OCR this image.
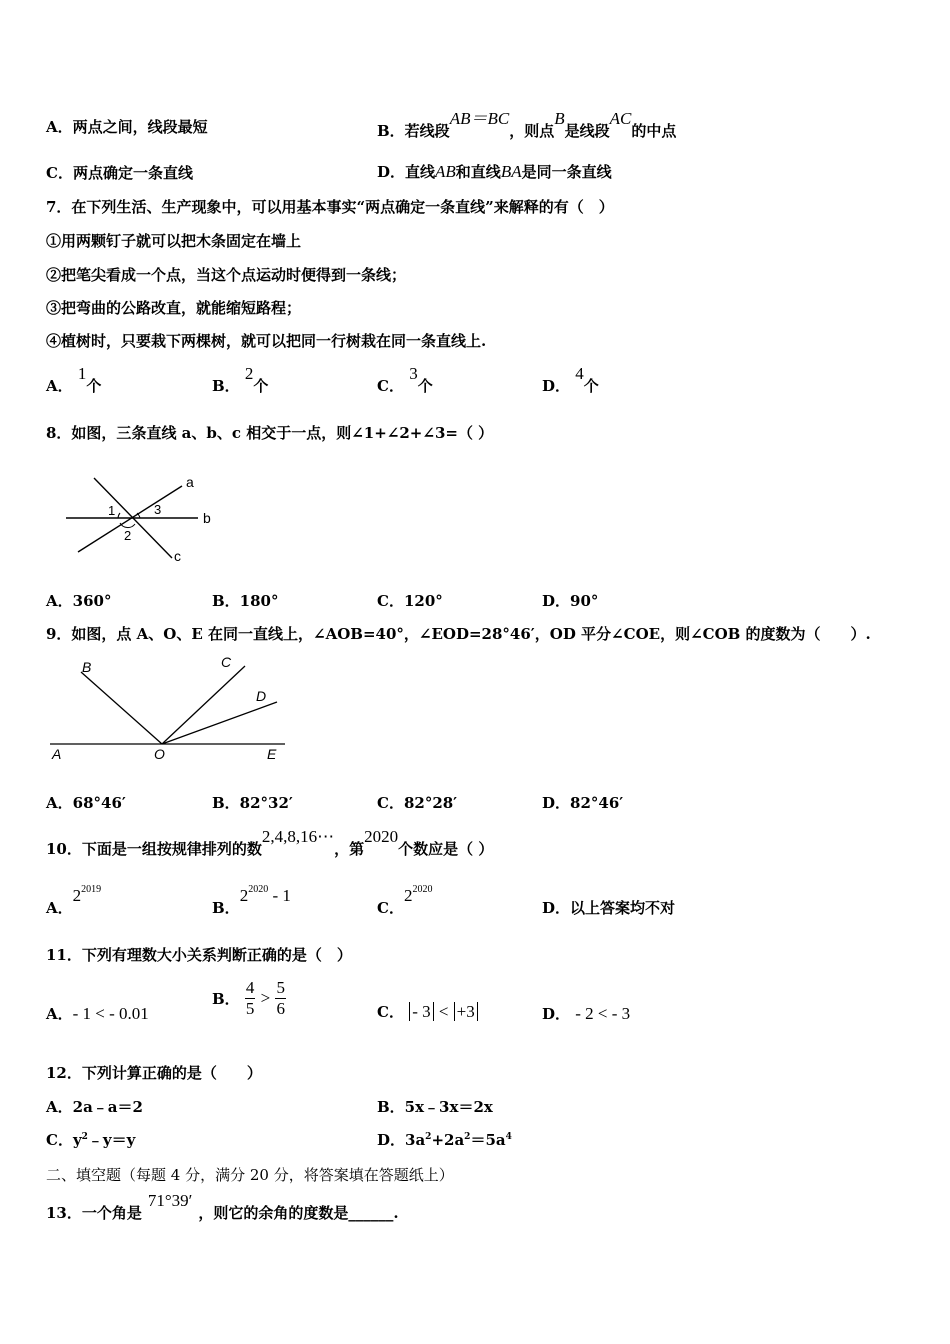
A．两点之间，线段最短	B．若线段AB＝BC，则点B是线段AC的中点
C．两点确定一条直线	D．直线AB和直线BA是同一条直线
7．在下列生活、生产现象中，可以用基本事实“两点确定一条直线”来解释的有（　）
①用两颗钉子就可以把木条固定在墙上
②把笔尖看成一个点，当这个点运动时便得到一条线；
③把弯曲的公路改直，就能缩短路程；
④植树时，只要栽下两棵树，就可以把同一行树栽在同一条直线上.
A． 1个	B． 2个	C． 3个	D． 4个
8．如图，三条直线 a、b、c 相交于一点，则∠1+∠2+∠3=（ ）
a
b
c
1
2
3
A．360°	B．180°	C．120°	D．90°
9．如图，点 A、O、E 在同一直线上，∠AOB=40°，∠EOD=28°46′，OD 平分∠COE，则∠COB 的度数为（　　）.
B	C
D
A	O	E
A．68°46′	B．82°32′	C．82°28′	D．82°46′
10．下面是一组按规律排列的数2,4,8,16⋯，第2020个数应是（ ）
A．$2^{2019}$
B．$2^{2020} - 1$
C．$2^{2020}$
D．以上答案均不对
11．下列有理数大小关系判断正确的是（　）
A．- 1 < - 0.01
B． $\frac{4}{5} > \frac{5}{6}$	C． - 3 < +3	D． - 2 < - 3
12．下列计算正确的是（　　）
A．2a﹣a＝2	B．5x﹣3x＝2x
C．$y^2﹣y=y$	D．$3a^2+2a^2=5a^4$
二、填空题（每题 4 分，满分 20 分，将答案填在答题纸上）
13．一个角是71°39′，则它的余角的度数是______.
